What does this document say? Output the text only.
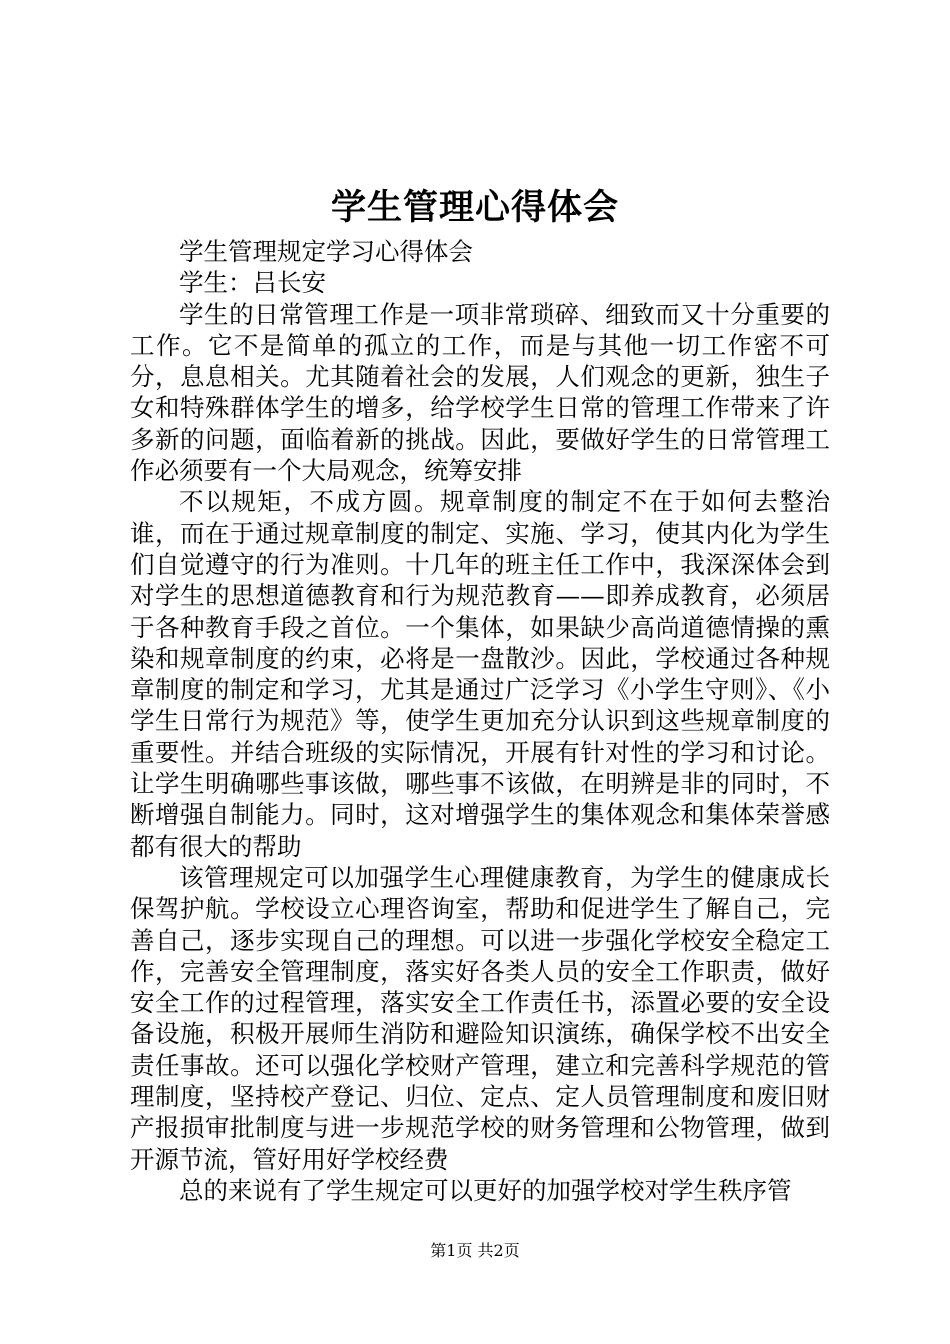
学生管理心得体会

学生管理规定学习心得体会

学生：吕长安

学生的日常管理工作是一项非常琐碎、细致而又十分重要的工作。它不是简单的孤立的工作，而是与其他一切工作密不可分，息息相关。尤其随着社会的发展，人们观念的更新，独生子女和特殊群体学生的增多，给学校学生日常的管理工作带来了许多新的问题，面临着新的挑战。因此，要做好学生的日常管理工作必须要有一个大局观念，统筹安排

不以规矩，不成方圆。规章制度的制定不在于如何去整治谁，而在于通过规章制度的制定、实施、学习，使其内化为学生们自觉遵守的行为准则。十几年的班主任工作中，我深深体会到对学生的思想道德教育和行为规范教育——即养成教育，必须居于各种教育手段之首位。一个集体，如果缺少高尚道德情操的熏染和规章制度的约束，必将是一盘散沙。因此，学校通过各种规章制度的制定和学习，尤其是通过广泛学习《小学生守则》、《小学生日常行为规范》等，使学生更加充分认识到这些规章制度的重要性。并结合班级的实际情况，开展有针对性的学习和讨论。让学生明确哪些事该做，哪些事不该做，在明辨是非的同时，不断增强自制能力。同时，这对增强学生的集体观念和集体荣誉感都有很大的帮助

该管理规定可以加强学生心理健康教育，为学生的健康成长保驾护航。学校设立心理咨询室，帮助和促进学生了解自己，完善自己，逐步实现自己的理想。可以进一步强化学校安全稳定工作，完善安全管理制度，落实好各类人员的安全工作职责，做好安全工作的过程管理，落实安全工作责任书，添置必要的安全设备设施，积极开展师生消防和避险知识演练，确保学校不出安全责任事故。还可以强化学校财产管理，建立和完善科学规范的管理制度，坚持校产登记、归位、定点、定人员管理制度和废旧财产报损审批制度与进一步规范学校的财务管理和公物管理，做到开源节流，管好用好学校经费

总的来说有了学生规定可以更好的加强学校对学生秩序管

第1页 共2页
